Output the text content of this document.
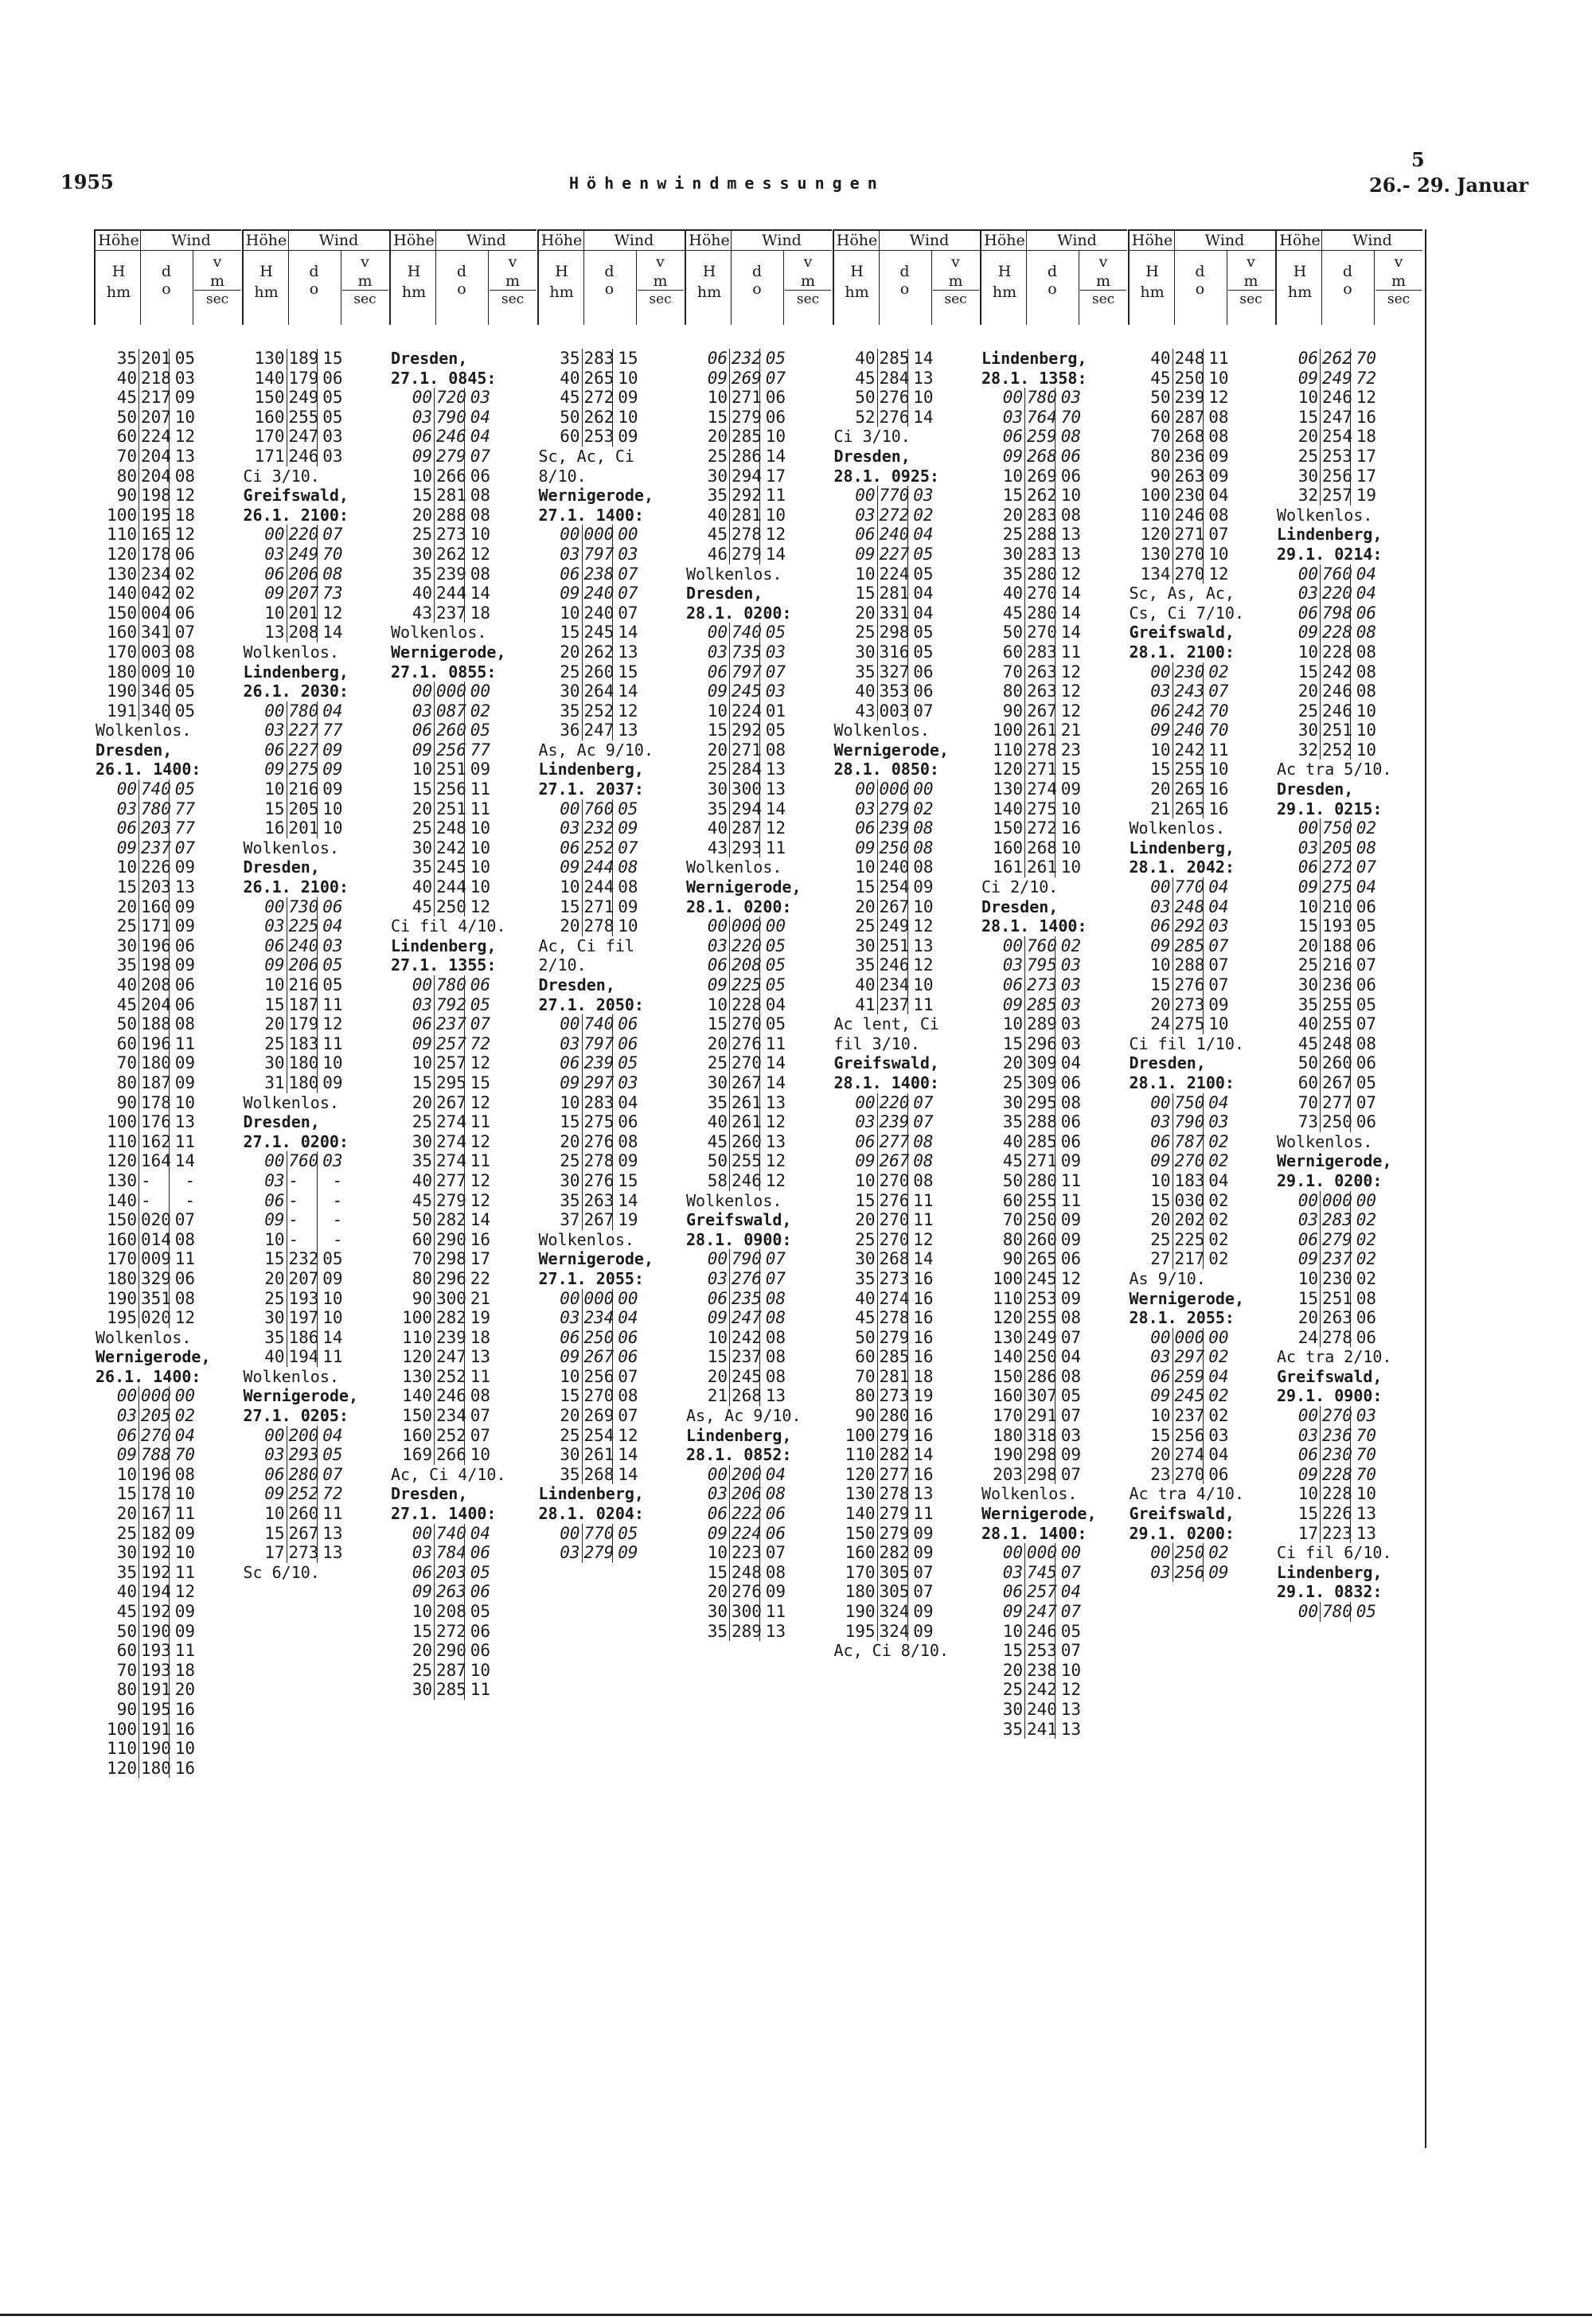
1955	Höhenwindmessungen
5
26.- 29. Januar
Höhe	Wind
H
hm
d
o
v
m
sec
35 201 05
40 218 03
45 217 09
50 207 10
60 224 12
70 204 13
80 204 08
90 198 12
100 195 18
110 165 12
120 178 06
130 234 02
140 042 02
150 004 06
160 341 07
170 003 08
180 009 10
190 346 05
191 340 05
Wolkenlos.
Dresden,
26.1. 1400:
00 740 05
03 780 77
06 203 77
09 237 07
10 226 09
15 203 13
20 160 09
25 171 09
30 196 06
35 198 09
40 208 06
45 204 06
50 188 08
60 196 11
70 180 09
80 187 09
90 178 10
100 176 13
110 162 11
120 164 14
130 -	-
140 -	-
150 020 07
160 014 08
170 009 11
180 329 06
190 351 08
195 020 12
Wolkenlos.
Wernigerode,
26.1. 1400:
00 000 00
03 205 02
06 270 04
09 788 70
10 196 08
15 178 10
20 167 11
25 182 09
30 192 10
35 192 11
40 194 12
45 192 09
50 190 09
60 193 11
70 193 18
80 191 20
90 195 16
100 191 16
110 190 10
120 180 16
Höhe	Wind
H
hm
d
o
v
m
sec
130 189 15
140 179 06
150 249 05
160 255 05
170 247 03
171 246 03
Ci 3/10.
Greifswald,
26.1. 2100:
00 220 07
03 249 70
06 206 08
09 207 73
10 201 12
13 208 14
Wolkenlos.
Lindenberg,
26.1. 2030:
00 780 04
03 227 77
06 227 09
09 275 09
10 216 09
15 205 10
16 201 10
Wolkenlos.
Dresden,
26.1. 2100:
00 730 06
03 225 04
06 240 03
09 206 05
10 216 05
15 187 11
20 179 12
25 183 11
30 180 10
31 180 09
Wolkenlos.
Dresden,
27.1. 0200:
00 760 03
03 -	-
06 -	-
09 -	-
10 -	-
15 232 05
20 207 09
25 193 10
30 197 10
35 186 14
40 194 11
Wolkenlos.
Wernigerode,
27.1. 0205:
00 200 04
03 293 05
06 280 07
09 252 72
10 260 11
15 267 13
17 273 13
Sc 6/10.
Höhe	Wind
H
hm
d
o
v
m
sec
Dresden,
27.1. 0845:
00 720 03
03 790 04
06 246 04
09 279 07
10 266 06
15 281 08
20 288 08
25 273 10
30 262 12
35 239 08
40 244 14
43 237 18
Wolkenlos.
Wernigerode,
27.1. 0855:
00 000 00
03 087 02
06 260 05
09 256 77
10 251 09
15 256 11
20 251 11
25 248 10
30 242 10
35 245 10
40 244 10
45 250 12
Ci fil 4/10.
Lindenberg,
27.1. 1355:
00 780 06
03 792 05
06 237 07
09 257 72
10 257 12
15 295 15
20 267 12
25 274 11
30 274 12
35 274 11
40 277 12
45 279 12
50 282 14
60 290 16
70 298 17
80 296 22
90 300 21
100 282 19
110 239 18
120 247 13
130 252 11
140 246 08
150 234 07
160 252 07
169 266 10
Ac, Ci 4/10.
Dresden,
27.1. 1400:
00 740 04
03 784 06
06 203 05
09 263 06
10 208 05
15 272 06
20 290 06
25 287 10
30 285 11
Höhe	Wind
H
hm
d
o
v
m
sec
35 283 15
40 265 10
45 272 09
50 262 10
60 253 09
Sc, Ac, Ci
8/10.
Wernigerode,
27.1. 1400:
00 000 00
03 797 03
06 238 07
09 240 07
10 240 07
15 245 14
20 262 13
25 260 15
30 264 14
35 252 12
36 247 13
As, Ac 9/10.
Lindenberg,
27.1. 2037:
00 760 05
03 232 09
06 252 07
09 244 08
10 244 08
15 271 09
20 278 10
Ac, Ci fil
2/10.
Dresden,
27.1. 2050:
00 740 06
03 797 06
06 239 05
09 297 03
10 283 04
15 275 06
20 276 08
25 278 09
30 276 15
35 263 14
37 267 19
Wolkenlos.
Wernigerode,
27.1. 2055:
00 000 00
03 234 04
06 250 06
09 267 06
10 256 07
15 270 08
20 269 07
25 254 12
30 261 14
35 268 14
Lindenberg,
28.1. 0204:
00 770 05
03 279 09
Höhe	Wind
H
hm
d
o
v
m
sec
06 232 05
09 269 07
10 271 06
15 279 06
20 285 10
25 286 14
30 294 17
35 292 11
40 281 10
45 278 12
46 279 14
Wolkenlos.
Dresden,
28.1. 0200:
00 740 05
03 735 03
06 797 07
09 245 03
10 224 01
15 292 05
20 271 08
25 284 13
30 300 13
35 294 14
40 287 12
43 293 11
Wolkenlos.
Wernigerode,
28.1. 0200:
00 000 00
03 220 05
06 208 05
09 225 05
10 228 04
15 270 05
20 276 11
25 270 14
30 267 14
35 261 13
40 261 12
45 260 13
50 255 12
58 246 12
Wolkenlos.
Greifswald,
28.1. 0900:
00 790 07
03 276 07
06 235 08
09 247 08
10 242 08
15 237 08
20 245 08
21 268 13
As, Ac 9/10.
Lindenberg,
28.1. 0852:
00 200 04
03 206 08
06 222 06
09 224 06
10 223 07
15 248 08
20 276 09
30 300 11
35 289 13
Höhe	Wind
H
hm
d
o
v
m
sec
40 285 14
45 284 13
50 276 10
52 276 14
Ci 3/10.
Dresden,
28.1. 0925:
00 770 03
03 272 02
06 240 04
09 227 05
10 224 05
15 281 04
20 331 04
25 298 05
30 316 05
35 327 06
40 353 06
43 003 07
Wolkenlos.
Wernigerode,
28.1. 0850:
00 000 00
03 279 02
06 239 08
09 250 08
10 240 08
15 254 09
20 267 10
25 249 12
30 251 13
35 246 12
40 234 10
41 237 11
Ac lent, Ci
fil 3/10.
Greifswald,
28.1. 1400:
00 220 07
03 239 07
06 277 08
09 267 08
10 270 08
15 276 11
20 270 11
25 270 12
30 268 14
35 273 16
40 274 16
45 278 16
50 279 16
60 285 16
70 281 18
80 273 19
90 280 16
100 279 16
110 282 14
120 277 16
130 278 13
140 279 11
150 279 09
160 282 09
170 305 07
180 305 07
190 324 09
195 324 09
Ac, Ci 8/10.
Höhe	Wind
H
hm
d
o
v
m
sec
Lindenberg,
28.1. 1358:
00 780 03
03 764 70
06 259 08
09 268 06
10 269 06
15 262 10
20 283 08
25 288 13
30 283 13
35 280 12
40 270 14
45 280 14
50 270 14
60 283 11
70 263 12
80 263 12
90 267 12
100 261 21
110 278 23
120 271 15
130 274 09
140 275 10
150 272 16
160 268 10
161 261 10
Ci 2/10.
Dresden,
28.1. 1400:
00 760 02
03 795 03
06 273 03
09 285 03
10 289 03
15 296 03
20 309 04
25 309 06
30 295 08
35 288 06
40 285 06
45 271 09
50 280 11
60 255 11
70 250 09
80 260 09
90 265 06
100 245 12
110 253 09
120 255 08
130 249 07
140 250 04
150 286 08
160 307 05
170 291 07
180 318 03
190 298 09
203 298 07
Wolkenlos.
Wernigerode,
28.1. 1400:
00 000 00
03 745 07
06 257 04
09 247 07
10 246 05
15 253 07
20 238 10
25 242 12
30 240 13
35 241 13
Höhe	Wind
H
hm
d
o
v
m
sec
40 248 11
45 250 10
50 239 12
60 287 08
70 268 08
80 236 09
90 263 09
100 230 04
110 246 08
120 271 07
130 270 10
134 270 12
Sc, As, Ac,
Cs, Ci 7/10.
Greifswald,
28.1. 2100:
00 230 02
03 243 07
06 242 70
09 240 70
10 242 11
15 255 10
20 265 16
21 265 16
Wolkenlos.
Lindenberg,
28.1. 2042:
00 770 04
03 248 04
06 292 03
09 285 07
10 288 07
15 276 07
20 273 09
24 275 10
Ci fil 1/10.
Dresden,
28.1. 2100:
00 750 04
03 790 03
06 787 02
09 270 02
10 183 04
15 030 02
20 202 02
25 225 02
27 217 02
As 9/10.
Wernigerode,
28.1. 2055:
00 000 00
03 297 02
06 259 04
09 245 02
10 237 02
15 256 03
20 274 04
23 270 06
Ac tra 4/10.
Greifswald,
29.1. 0200:
00 250 02
03 256 09
Höhe	Wind
H
hm
d
o
v
m
sec
06 262 70
09 249 72
10 246 12
15 247 16
20 254 18
25 253 17
30 256 17
32 257 19
Wolkenlos.
Lindenberg,
29.1. 0214:
00 760 04
03 220 04
06 798 06
09 228 08
10 228 08
15 242 08
20 246 08
25 246 10
30 251 10
32 252 10
Ac tra 5/10.
Dresden,
29.1. 0215:
00 750 02
03 205 08
06 272 07
09 275 04
10 210 06
15 193 05
20 188 06
25 216 07
30 236 06
35 255 05
40 255 07
45 248 08
50 260 06
60 267 05
70 277 07
73 250 06
Wolkenlos.
Wernigerode,
29.1. 0200:
00 000 00
03 283 02
06 279 02
09 237 02
10 230 02
15 251 08
20 263 06
24 278 06
Ac tra 2/10.
Greifswald,
29.1. 0900:
00 270 03
03 236 70
06 230 70
09 228 70
10 228 10
15 226 13
17 223 13
Ci fil 6/10.
Lindenberg,
29.1. 0832:
00 780 05
